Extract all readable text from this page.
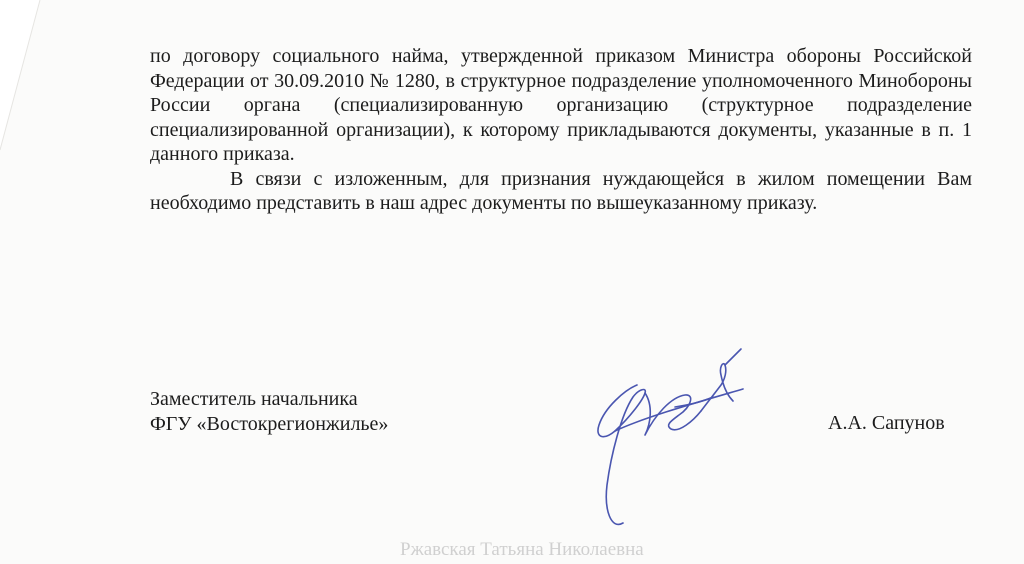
по договору социального найма, утвержденной приказом Министра обороны Российской Федерации от 30.09.2010 № 1280, в структурное подразделение уполномоченного Минобороны России органа (специализированную организацию (структурное подразделение специализированной организации), к которому прикладываются документы, указанные в п. 1 данного приказа.

В связи с изложенным, для признания нуждающейся в жилом помещении Вам необходимо представить в наш адрес документы по вышеуказанному приказу.

Заместитель начальника
ФГУ «Востокрегионжилье»	А.А. Сапунов
Ржавская Татьяна Николаевна
